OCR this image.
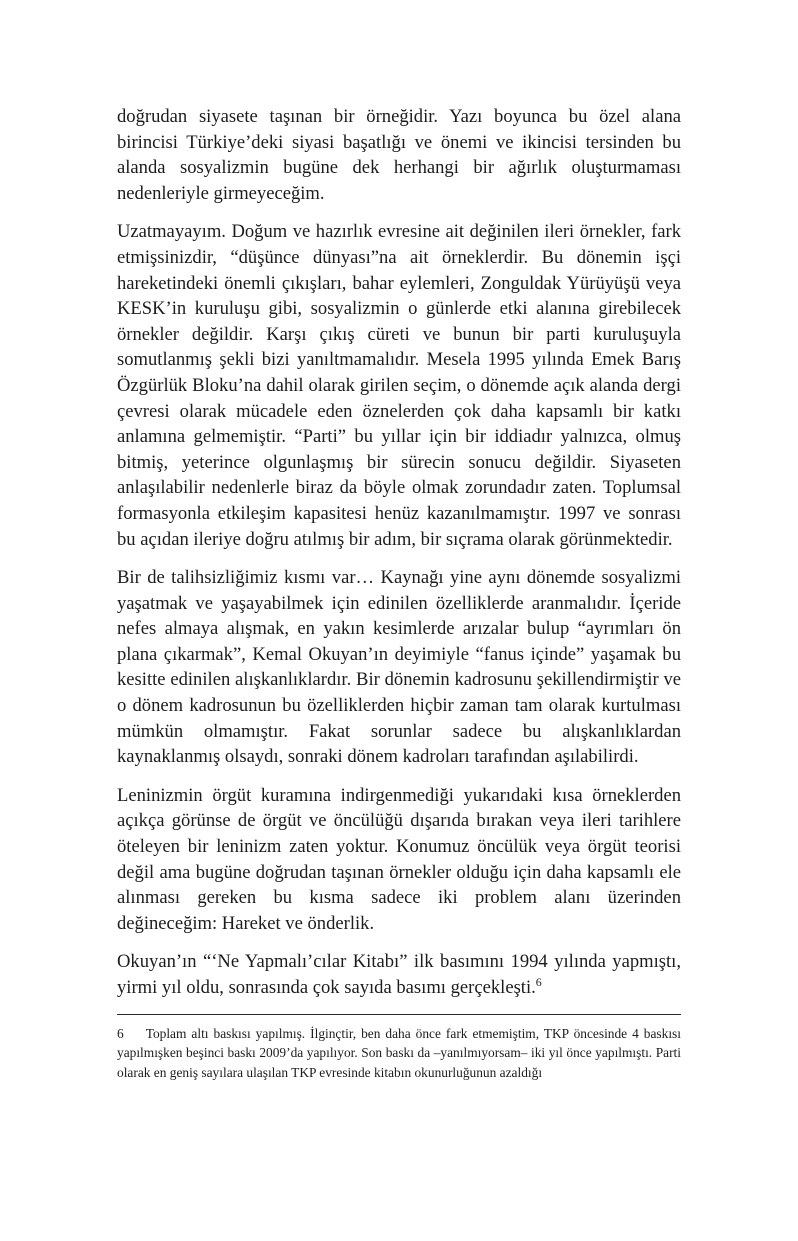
doğrudan siyasete taşınan bir örneğidir. Yazı boyunca bu özel alana birincisi Türkiye’deki siyasi başatlığı ve önemi ve ikincisi tersinden bu alanda sosyalizmin bugüne dek herhangi bir ağırlık oluşturmaması nedenleriyle girmeyeceğim.

Uzatmayayım. Doğum ve hazırlık evresine ait değinilen ileri örnekler, fark etmişsinizdir, “düşünce dünyası”na ait örneklerdir. Bu dönemin işçi hareketindeki önemli çıkışları, bahar eylemleri, Zonguldak Yürüyüşü veya KESK’in kuruluşu gibi, sosyalizmin o günlerde etki alanına girebilecek örnekler değildir. Karşı çıkış cüreti ve bunun bir parti kuruluşuyla somutlanmış şekli bizi yanıltmamalıdır. Mesela 1995 yılında Emek Barış Özgürlük Bloku’na dahil olarak girilen seçim, o dönemde açık alanda dergi çevresi olarak mücadele eden öznelerden çok daha kapsamlı bir katkı anlamına gelmemiştir. “Parti” bu yıllar için bir iddiadır yalnızca, olmuş bitmiş, yeterince olgunlaşmış bir sürecin sonucu değildir. Siyaseten anlaşılabilir nedenlerle biraz da böyle olmak zorundadır zaten. Toplumsal formasyonla etkileşim kapasitesi henüz kazanılmamıştır. 1997 ve sonrası bu açıdan ileriye doğru atılmış bir adım, bir sıçrama olarak görünmektedir.

Bir de talihsizliğimiz kısmı var… Kaynağı yine aynı dönemde sosyalizmi yaşatmak ve yaşayabilmek için edinilen özelliklerde aranmalıdır. İçeride nefes almaya alışmak, en yakın kesimlerde arızalar bulup “ayrımları ön plana çıkarmak”, Kemal Okuyan’ın deyimiyle “fanus içinde” yaşamak bu kesitte edinilen alışkanlıklardır. Bir dönemin kadrosunu şekillendirmiştir ve o dönem kadrosunun bu özelliklerden hiçbir zaman tam olarak kurtulması mümkün olmamıştır. Fakat sorunlar sadece bu alışkanlıklardan kaynaklanmış olsaydı, sonraki dönem kadroları tarafından aşılabilirdi.

Leninizmin örgüt kuramına indirgenmediği yukarıdaki kısa örneklerden açıkça görünse de örgüt ve öncülüğü dışarıda bırakan veya ileri tarihlere öteleyen bir leninizm zaten yoktur. Konumuz öncülük veya örgüt teorisi değil ama bugüne doğrudan taşınan örnekler olduğu için daha kapsamlı ele alınması gereken bu kısma sadece iki problem alanı üzerinden değineceğim: Hareket ve önderlik.

Okuyan’ın “‘Ne Yapmalı’cılar Kitabı” ilk basımını 1994 yılında yapmıştı, yirmi yıl oldu, sonrasında çok sayıda basımı gerçekleşti.$^6$

6 Toplam altı baskısı yapılmış. İlginçtir, ben daha önce fark etmemiştim, TKP öncesinde 4 baskısı yapılmışken beşinci baskı 2009’da yapılıyor. Son baskı da –yanılmıyorsam– iki yıl önce yapılmıştı. Parti olarak en geniş sayılara ulaşılan TKP evresinde kitabın okunurluğunun azaldığı
